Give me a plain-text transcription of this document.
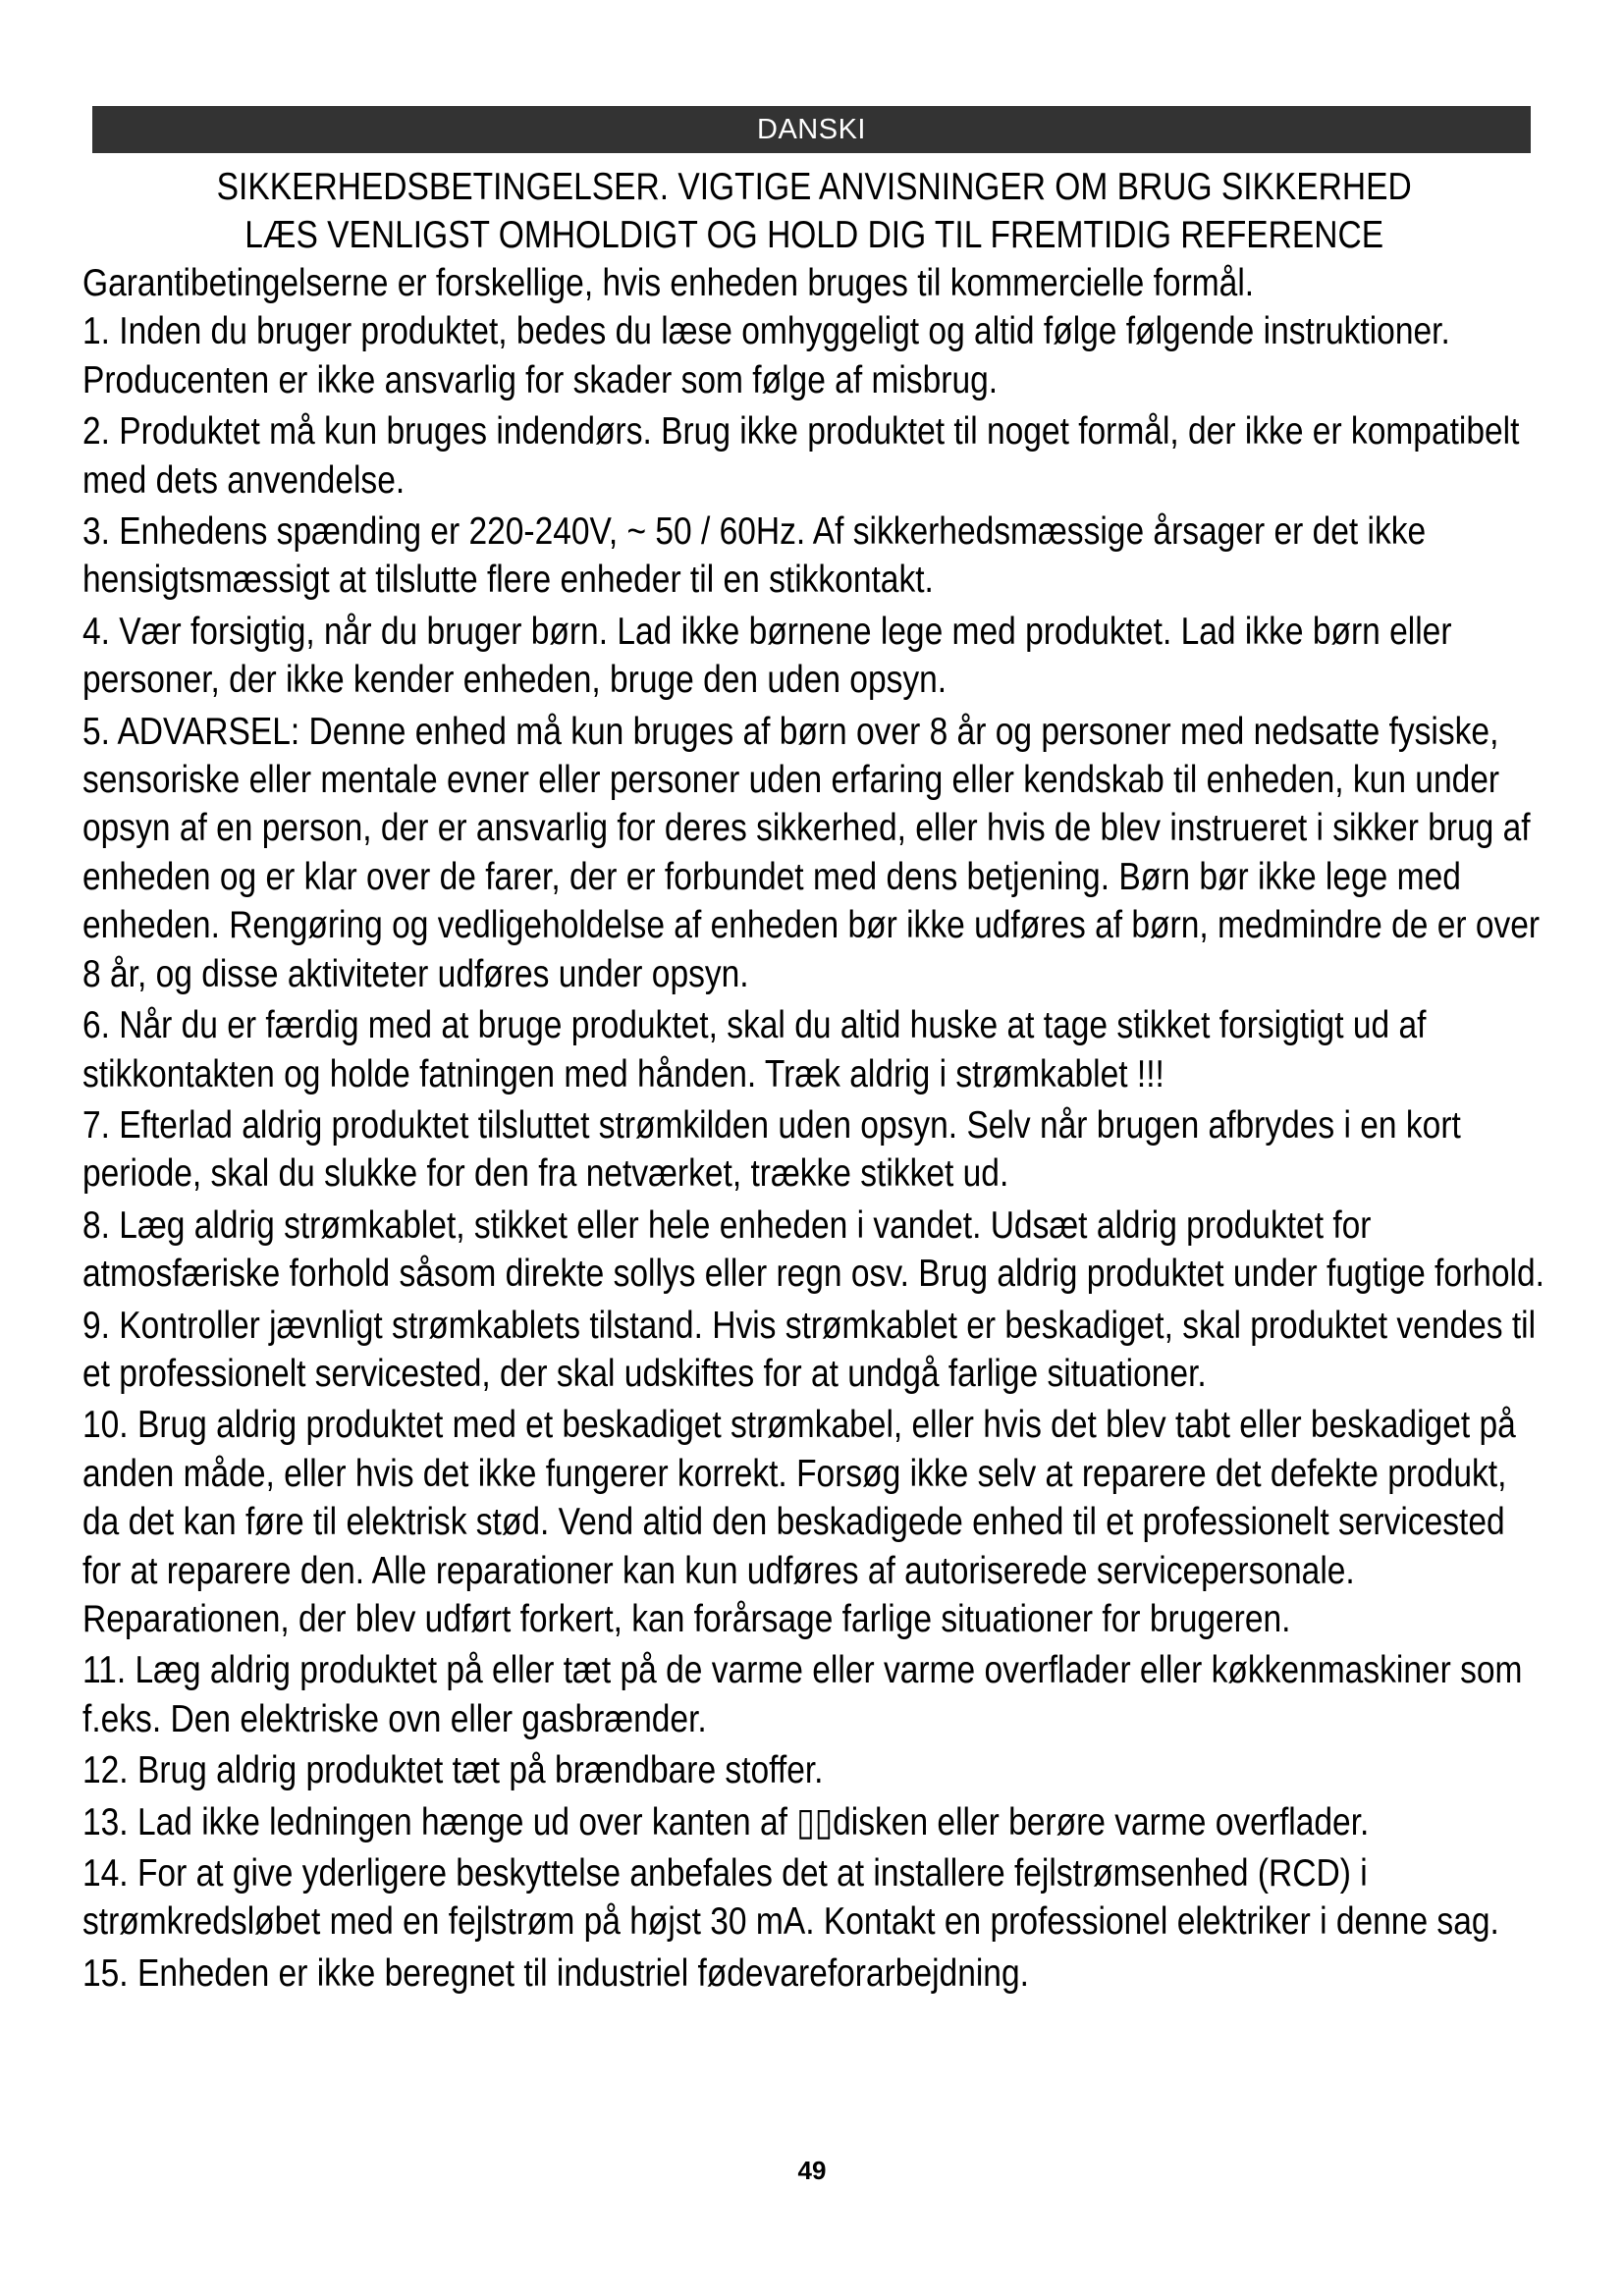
DANSKI

SIKKERHEDSBETINGELSER. VIGTIGE ANVISNINGER OM BRUG SIKKERHED

LÆS VENLIGST OMHOLDIGT OG HOLD DIG TIL FREMTIDIG REFERENCE

Garantibetingelserne er forskellige, hvis enheden bruges til kommercielle formål.

1. Inden du bruger produktet, bedes du læse omhyggeligt og altid følge følgende instruktioner. Producenten er ikke ansvarlig for skader som følge af misbrug.

2. Produktet må kun bruges indendørs. Brug ikke produktet til noget formål, der ikke er kompatibelt med dets anvendelse.

3. Enhedens spænding er 220-240V, ~ 50 / 60Hz. Af sikkerhedsmæssige årsager er det ikke hensigtsmæssigt at tilslutte flere enheder til en stikkontakt.

4. Vær forsigtig, når du bruger børn. Lad ikke børnene lege med produktet. Lad ikke børn eller personer, der ikke kender enheden, bruge den uden opsyn.

5. ADVARSEL: Denne enhed må kun bruges af børn over 8 år og personer med nedsatte fysiske, sensoriske eller mentale evner eller personer uden erfaring eller kendskab til enheden, kun under opsyn af en person, der er ansvarlig for deres sikkerhed, eller hvis de blev instrueret i sikker brug af enheden og er klar over de farer, der er forbundet med dens betjening. Børn bør ikke lege med enheden. Rengøring og vedligeholdelse af enheden bør ikke udføres af børn, medmindre de er over 8 år, og disse aktiviteter udføres under opsyn.

6. Når du er færdig med at bruge produktet, skal du altid huske at tage stikket forsigtigt ud af stikkontakten og holde fatningen med hånden. Træk aldrig i strømkablet !!!

7. Efterlad aldrig produktet tilsluttet strømkilden uden opsyn. Selv når brugen afbrydes i en kort periode, skal du slukke for den fra netværket, trække stikket ud.

8. Læg aldrig strømkablet, stikket eller hele enheden i vandet. Udsæt aldrig produktet for atmosfæriske forhold såsom direkte sollys eller regn osv. Brug aldrig produktet under fugtige forhold.

9. Kontroller jævnligt strømkablets tilstand. Hvis strømkablet er beskadiget, skal produktet vendes til et professionelt servicested, der skal udskiftes for at undgå farlige situationer.

10. Brug aldrig produktet med et beskadiget strømkabel, eller hvis det blev tabt eller beskadiget på anden måde, eller hvis det ikke fungerer korrekt. Forsøg ikke selv at reparere det defekte produkt, da det kan føre til elektrisk stød. Vend altid den beskadigede enhed til et professionelt servicested for at reparere den. Alle reparationer kan kun udføres af autoriserede servicepersonale. Reparationen, der blev udført forkert, kan forårsage farlige situationer for brugeren.

11. Læg aldrig produktet på eller tæt på de varme eller varme overflader eller køkkenmaskiner som f.eks. Den elektriske ovn eller gasbrænder.

12. Brug aldrig produktet tæt på brændbare stoffer.

13. Lad ikke ledningen hænge ud over kanten af ▯▯disken eller berøre varme overflader.

14. For at give yderligere beskyttelse anbefales det at installere fejlstrømsenhed (RCD) i strømkredsløbet med en fejlstrøm på højst 30 mA. Kontakt en professionel elektriker i denne sag.

15. Enheden er ikke beregnet til industriel fødevareforarbejdning.

49
